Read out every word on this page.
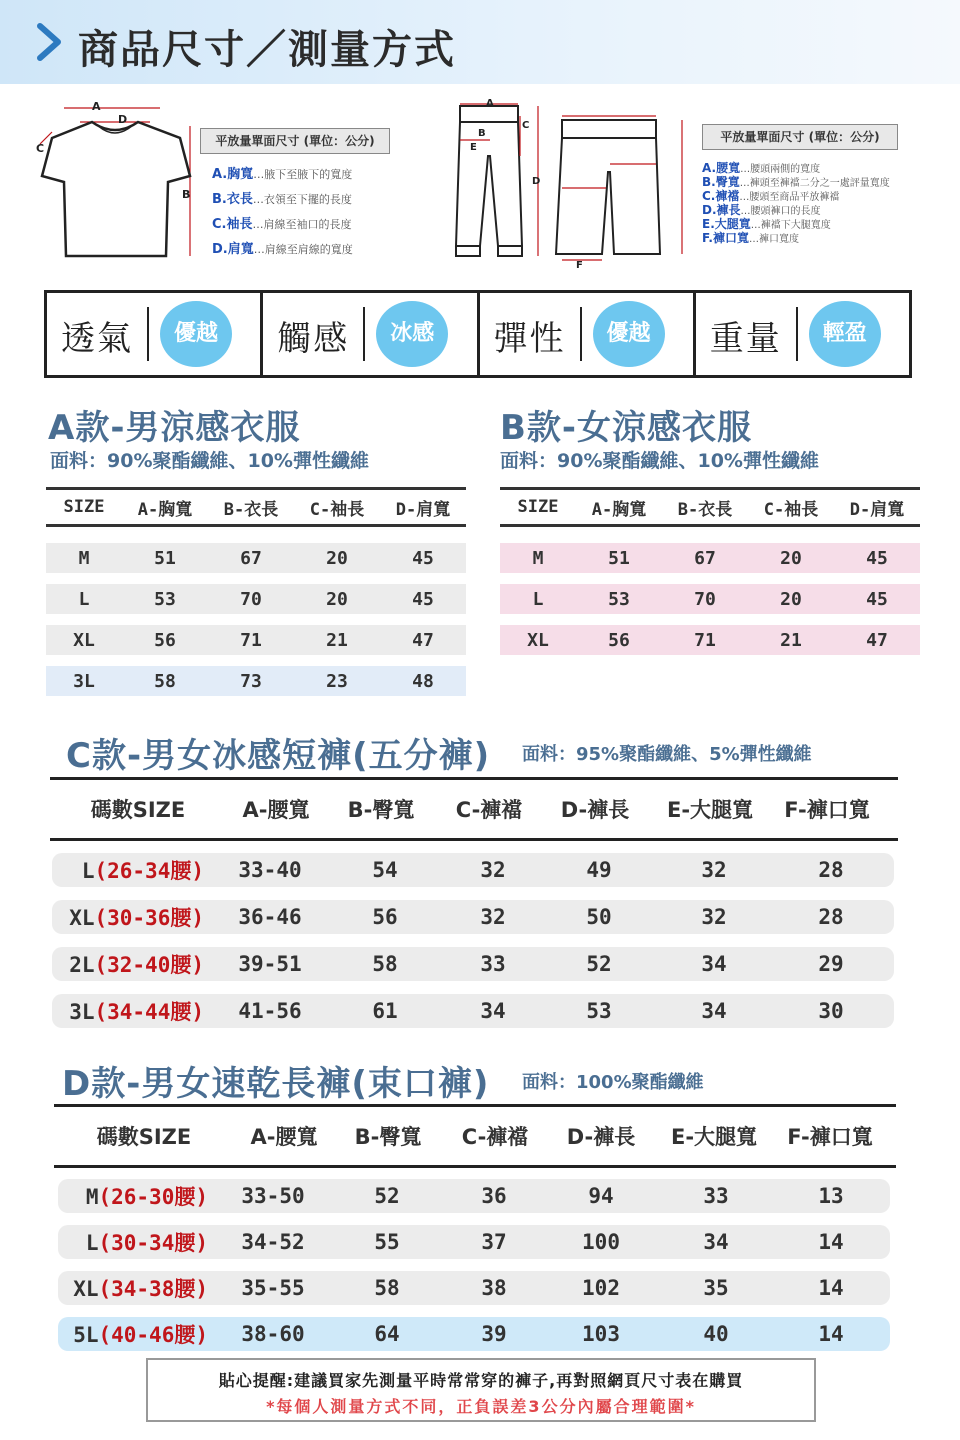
商品尺寸／測量方式
A
D
C
B
平放量單面尺寸 (單位：公分)
A.胸寬…腋下至腋下的寬度
B.衣長…衣領至下擺的長度
C.袖長…肩線至袖口的長度
D.肩寬…肩線至肩線的寬度
A
B
C
E
D
F
平放量單面尺寸 (單位：公分)
A.腰寬…腰頭兩側的寬度
B.臀寬…褲頭至褲襠二分之一處評量寬度
C.褲襠…腰頭至商品平放褲襠
D.褲長…腰頭褲口的長度
E.大腿寬…褲襠下大腿寬度
F.褲口寬…褲口寬度
透氣	優越	觸感	冰感	彈性	優越	重量	輕盈
A款-男涼感衣服
面料：90%聚酯纖維、10%彈性纖維
SIZE	A-胸寬	B-衣長	C-袖長	D-肩寬
M	51	67	20	45
L	53	70	20	45
XL	56	71	21	47
3L	58	73	23	48
B款-女涼感衣服
面料：90%聚酯纖維、10%彈性纖維
SIZE	A-胸寬	B-衣長	C-袖長	D-肩寬
M	51	67	20	45
L	53	70	20	45
XL	56	71	21	47
C款-男女冰感短褲(五分褲) 面料：95%聚酯纖維、5%彈性纖維
碼數SIZE	A-腰寬	B-臀寬	C-褲襠	D-褲長	E-大腿寬	F-褲口寬
L(26-34腰)	33-40	54	32	49	32	28
XL(30-36腰)	36-46	56	32	50	32	28
2L(32-40腰)	39-51	58	33	52	34	29
3L(34-44腰)	41-56	61	34	53	34	30
D款-男女速乾長褲(束口褲) 面料：100%聚酯纖維
碼數SIZE	A-腰寬	B-臀寬	C-褲襠	D-褲長	E-大腿寬	F-褲口寬
M(26-30腰)	33-50	52	36	94	33	13
L(30-34腰)	34-52	55	37	100	34	14
XL(34-38腰)	35-55	58	38	102	35	14
5L(40-46腰)	38-60	64	39	103	40	14
貼心提醒:建議買家先測量平時常常穿的褲子,再對照網頁尺寸表在購買
*每個人測量方式不同，正負誤差3公分內屬合理範圍*
